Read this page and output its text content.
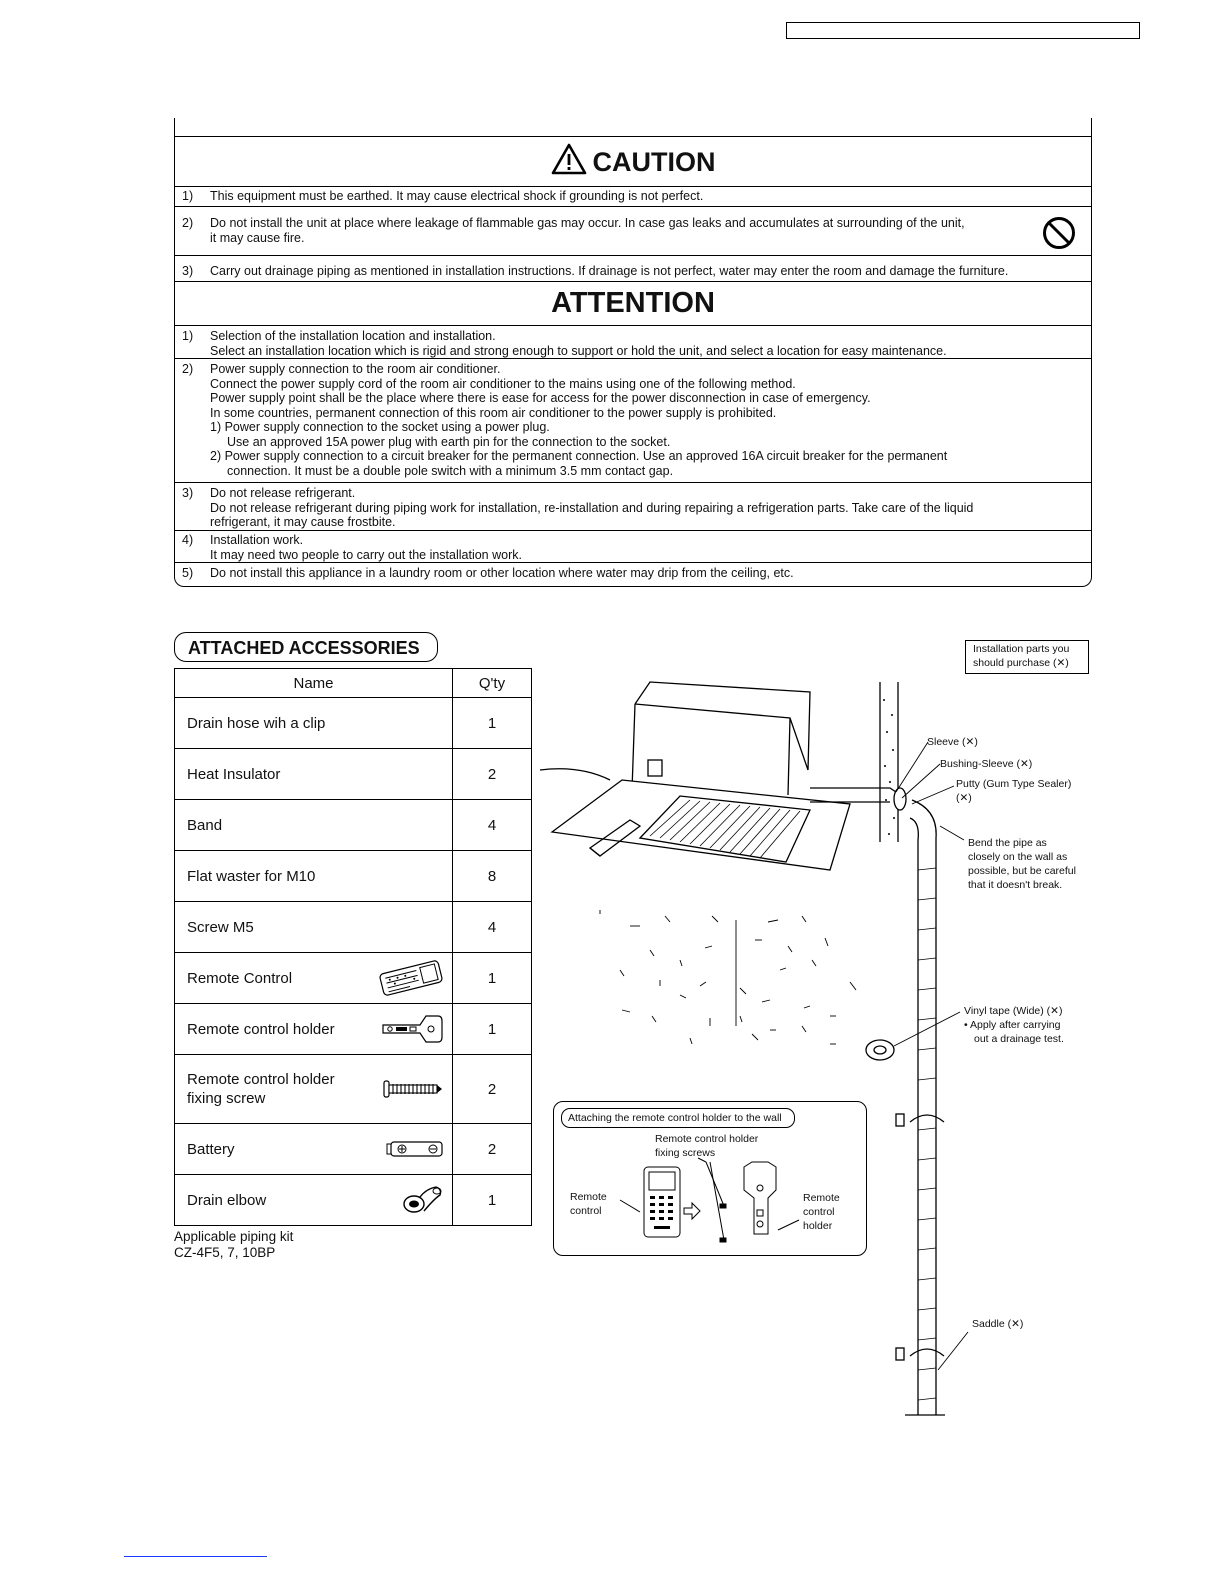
CAUTION
1) This equipment must be earthed. It may cause electrical shock if grounding is not perfect.
2) Do not install the unit at place where leakage of flammable gas may occur. In case gas leaks and accumulates at surrounding of the unit,
it may cause fire.
3) Carry out drainage piping as mentioned in installation instructions. If drainage is not perfect, water may enter the room and damage the furniture.
ATTENTION
1) Selection of the installation location and installation.
Select an installation location which is rigid and strong enough to support or hold the unit, and select a location for easy maintenance.
2) Power supply connection to the room air conditioner.
Connect the power supply cord of the room air conditioner to the mains using one of the following method.
Power supply point shall be the place where there is ease for access for the power disconnection in case of emergency.
In some countries, permanent connection of this room air conditioner to the power supply is prohibited.
1) Power supply connection to the socket using a power plug.
Use an approved 15A power plug with earth pin for the connection to the socket.
2) Power supply connection to a circuit breaker for the permanent connection. Use an approved 16A circuit breaker for the permanent
connection. It must be a double pole switch with a minimum 3.5 mm contact gap.
3) Do not release refrigerant.
Do not release refrigerant during piping work for installation, re-installation and during repairing a refrigeration parts. Take care of the liquid
refrigerant, it may cause frostbite.
4) Installation work.
It may need two people to carry out the installation work.
5) Do not install this appliance in a laundry room or other location where water may drip from the ceiling, etc.
ATTACHED ACCESSORIES
Name	Q'ty
Drain hose wih a clip	1
Heat Insulator	2
Band	4
Flat waster for M10	8
Screw M5	4
Remote Control	1
Remote control holder	1

Remote control holder fixing screw	2
Battery	2
Drain elbow	1
Applicable piping kit
CZ-4F5, 7, 10BP
Installation parts you
should purchase (✕)
Sleeve (✕)
Bushing-Sleeve (✕)
Putty (Gum Type Sealer)
(✕)
Bend the pipe as
closely on the wall as
possible, but be careful
that it doesn't break.
Vinyl tape (Wide) (✕)
• Apply after carrying
out a drainage test.
Saddle (✕)
Attaching the remote control holder to the wall
Remote control holder
fixing screws
Remote
control
Remote
control
holder
